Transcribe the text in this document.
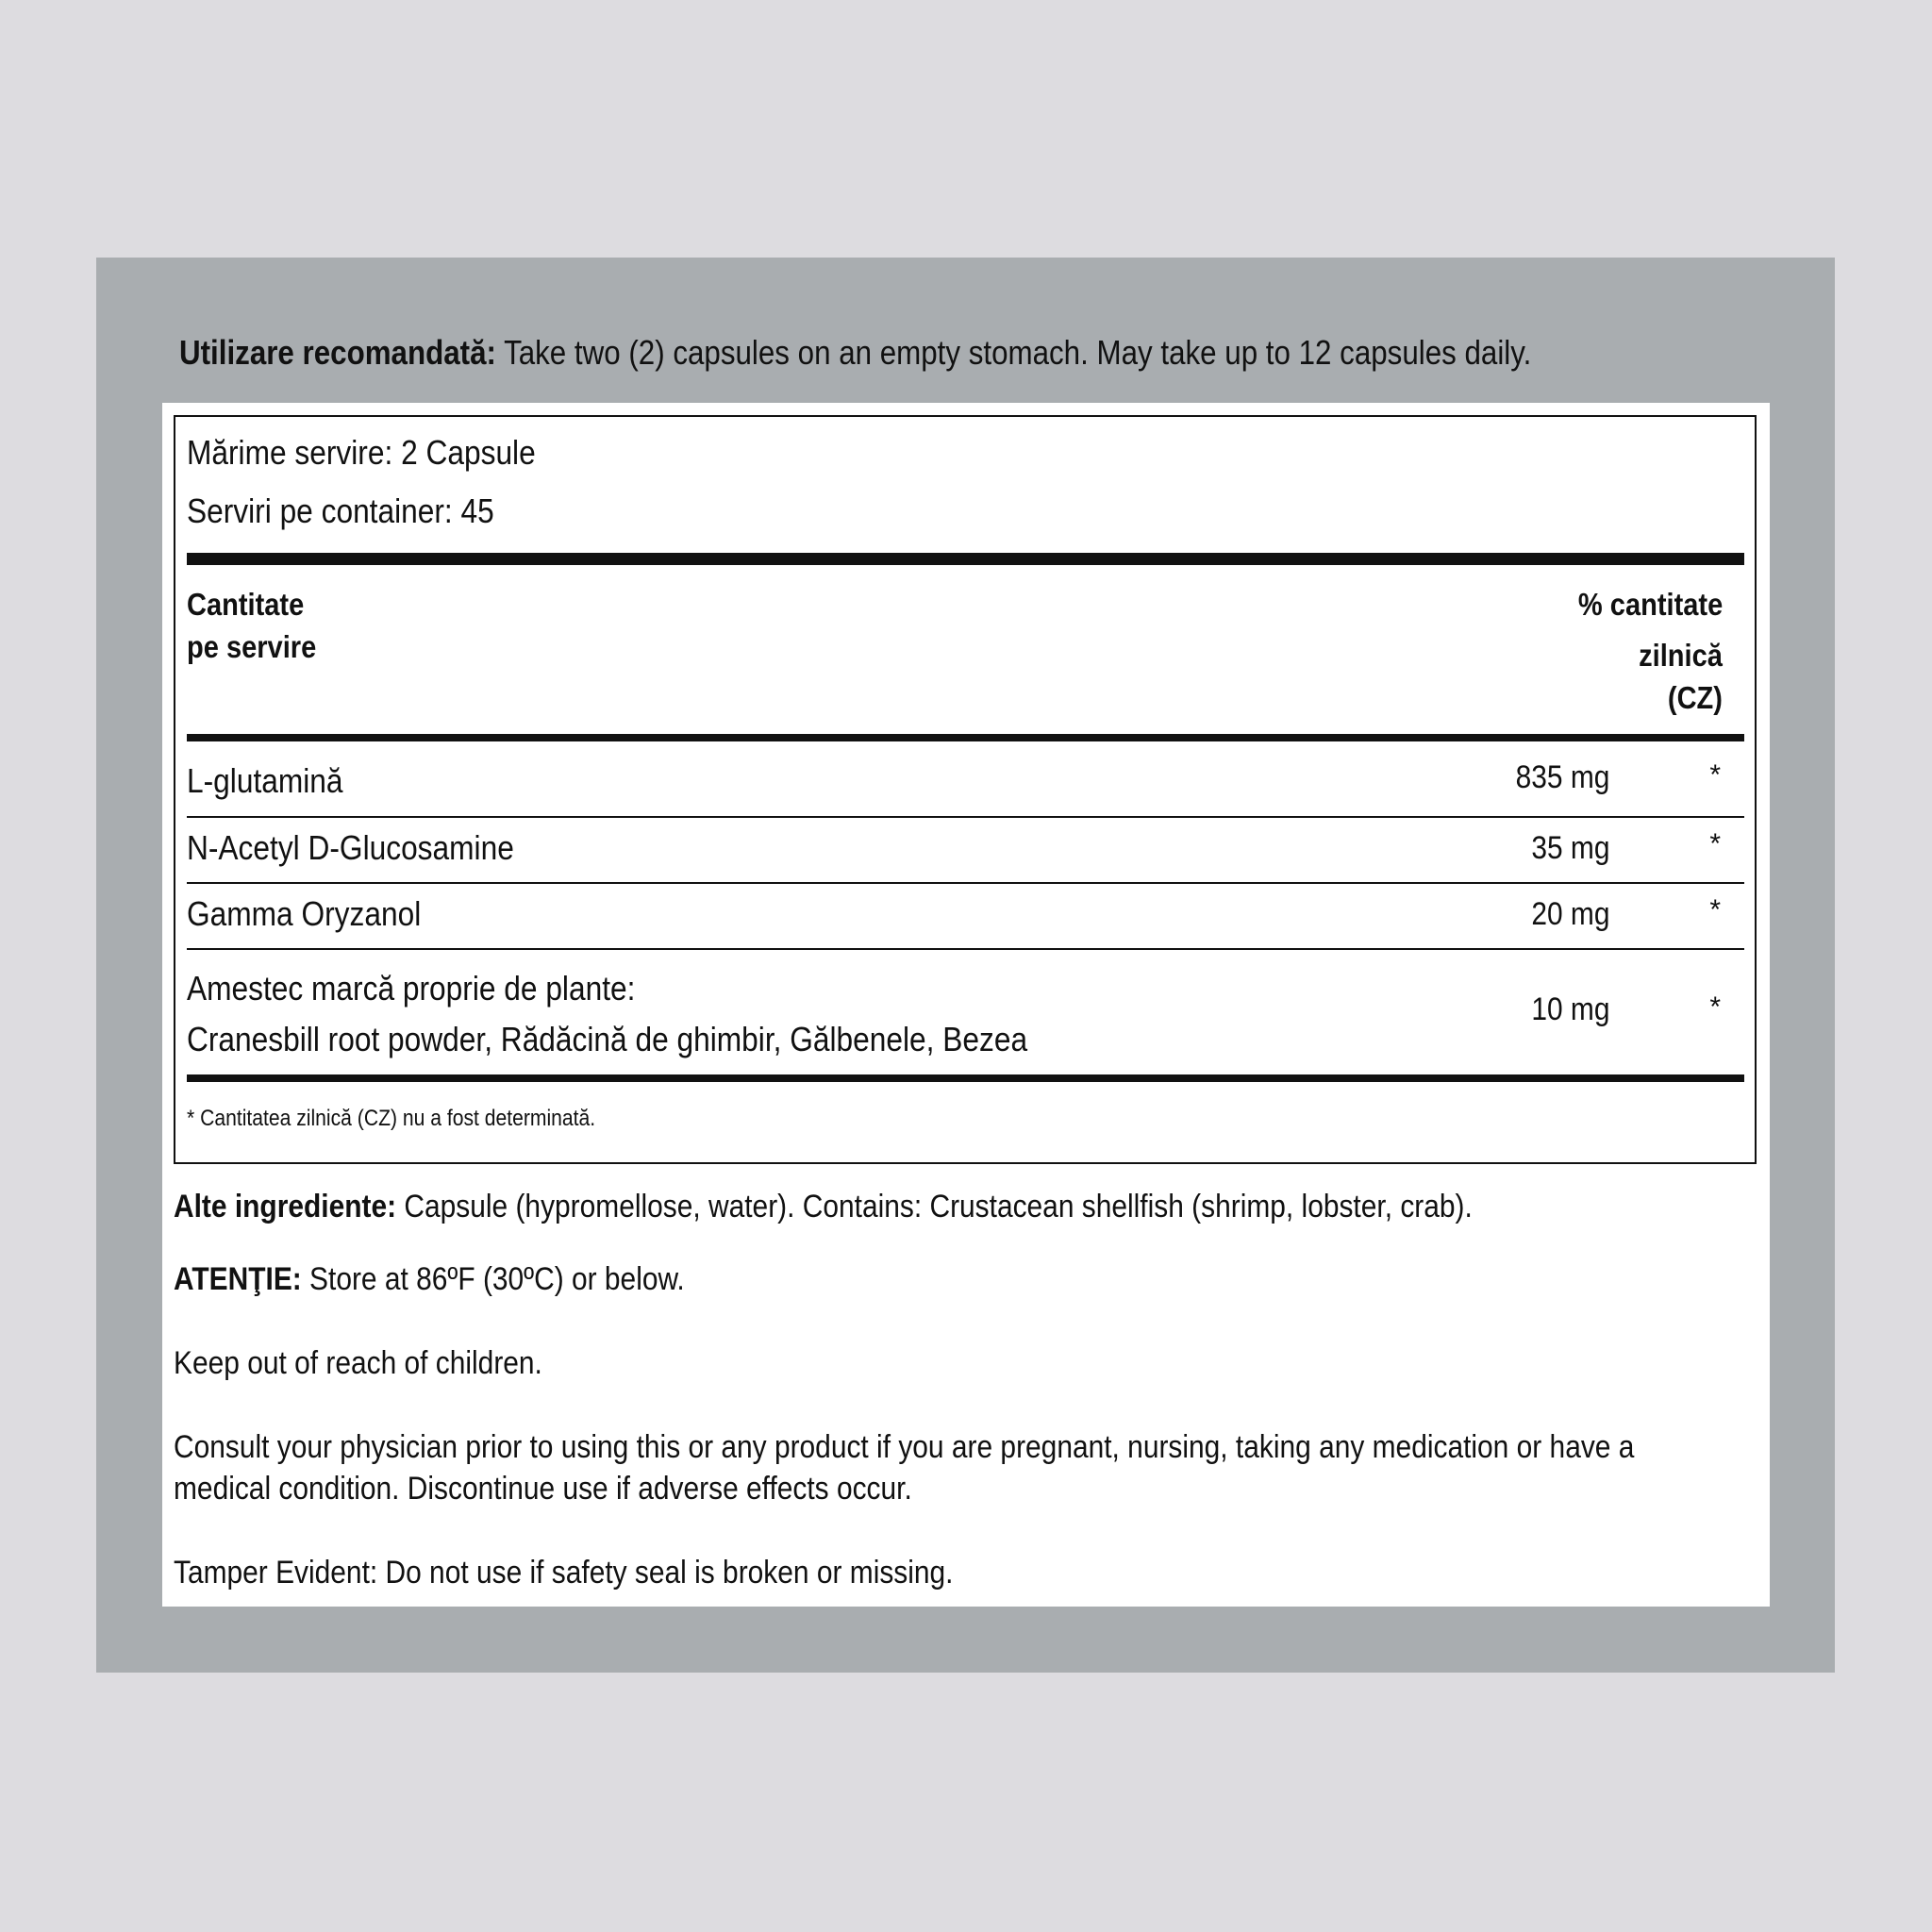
Utilizare recomandată: Take two (2) capsules on an empty stomach. May take up to 12 capsules daily.
Mărime servire: 2 Capsule
Serviri pe container: 45
Cantitate
pe servire
% cantitate
zilnică
(CZ)
L-glutamină	835 mg	*
N-Acetyl D-Glucosamine	35 mg	*
Gamma Oryzanol	20 mg	*
Amestec marcă proprie de plante:
Cranesbill root powder, Rădăcină de ghimbir, Gălbenele, Bezea
10 mg	*
* Cantitatea zilnică (CZ) nu a fost determinată.
Alte ingrediente: Capsule (hypromellose, water). Contains: Crustacean shellfish (shrimp, lobster, crab).
ATENŢIE: Store at 86ºF (30ºC) or below.
Keep out of reach of children.
Consult your physician prior to using this or any product if you are pregnant, nursing, taking any medication or have a
medical condition. Discontinue use if adverse effects occur.
Tamper Evident: Do not use if safety seal is broken or missing.
